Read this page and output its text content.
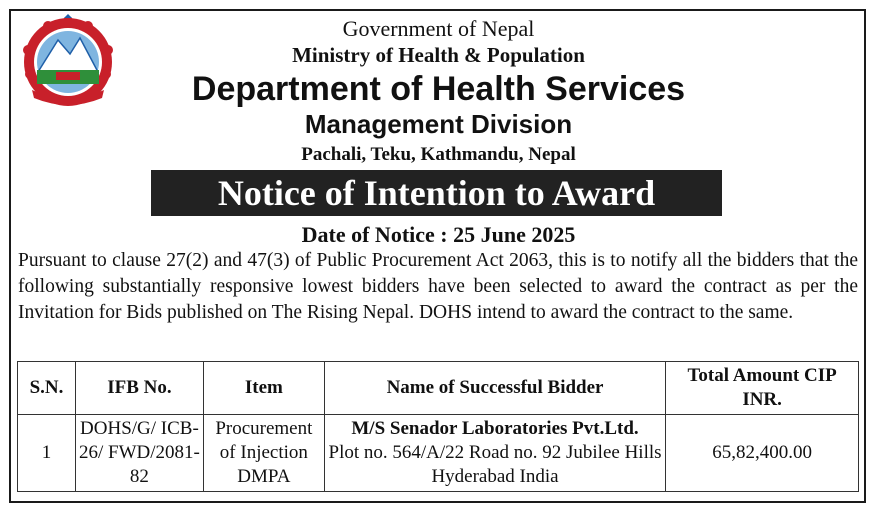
Government of Nepal
Ministry of Health & Population
Department of Health Services
Management Division
Pachali, Teku, Kathmandu, Nepal
Notice of Intention to Award
Date of Notice : 25 June 2025
Pursuant to clause 27(2) and 47(3) of Public Procurement Act 2063, this is to notify all the bidders that the following substantially responsive lowest bidders have been selected to award the contract as per the Invitation for Bids published on The Rising Nepal. DOHS intend to award the contract to the same.
S.N.	IFB No.	Item	Name of Successful Bidder	Total Amount CIP INR.
1	DOHS/G/ ICB-26/ FWD/2081-82	Procurement of Injection DMPA	M/S Senador Laboratories Pvt.Ltd.
Plot no. 564/A/22 Road no. 92 Jubilee Hills Hyderabad India	65,82,400.00
